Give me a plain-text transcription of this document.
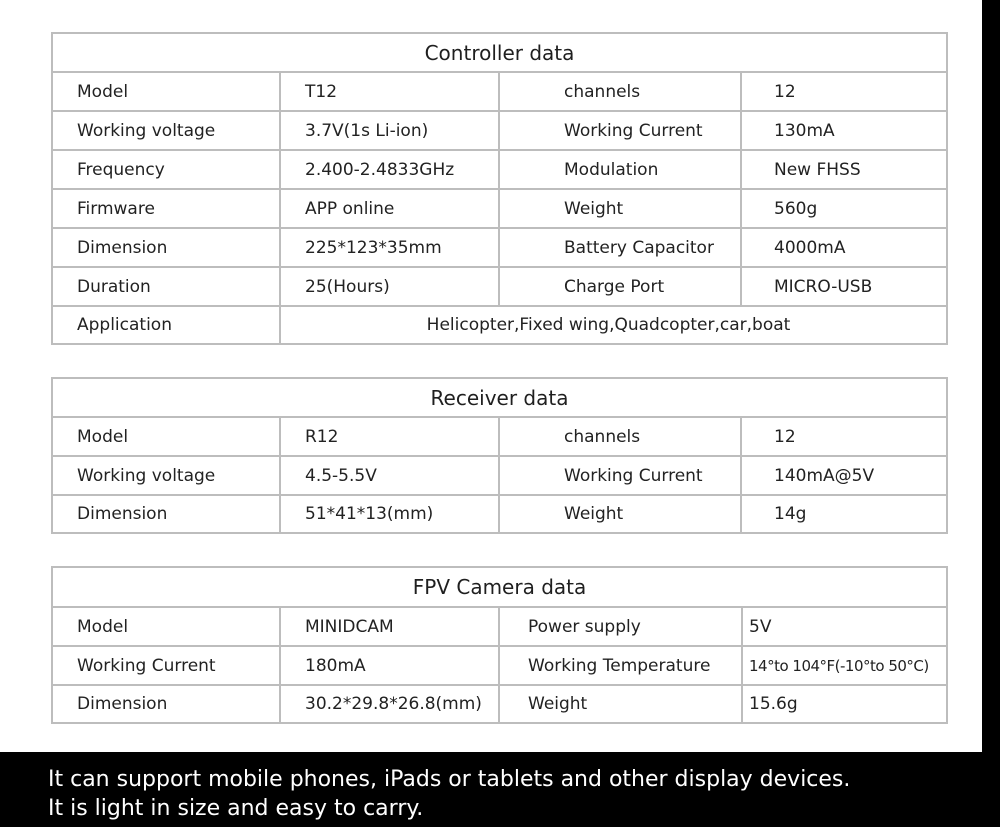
Controller data
Model	T12	channels	12
Working voltage	3.7V(1s Li-ion)	Working Current	130mA
Frequency	2.400-2.4833GHz	Modulation	New FHSS
Firmware	APP online	Weight	560g
Dimension	225*123*35mm	Battery Capacitor	4000mA
Duration	25(Hours)	Charge Port	MICRO-USB
Application	Helicopter,Fixed wing,Quadcopter,car,boat
Receiver data
Model	R12	channels	12
Working voltage	4.5-5.5V	Working Current	140mA@5V
Dimension	51*41*13(mm)	Weight	14g
FPV Camera data
Model	MINIDCAM	Power supply	5V
Working Current	180mA	Working Temperature	14°to 104°F(-10°to 50°C)
Dimension	30.2*29.8*26.8(mm)	Weight	15.6g
It can support mobile phones, iPads or tablets and other display devices.
It is light in size and easy to carry.
